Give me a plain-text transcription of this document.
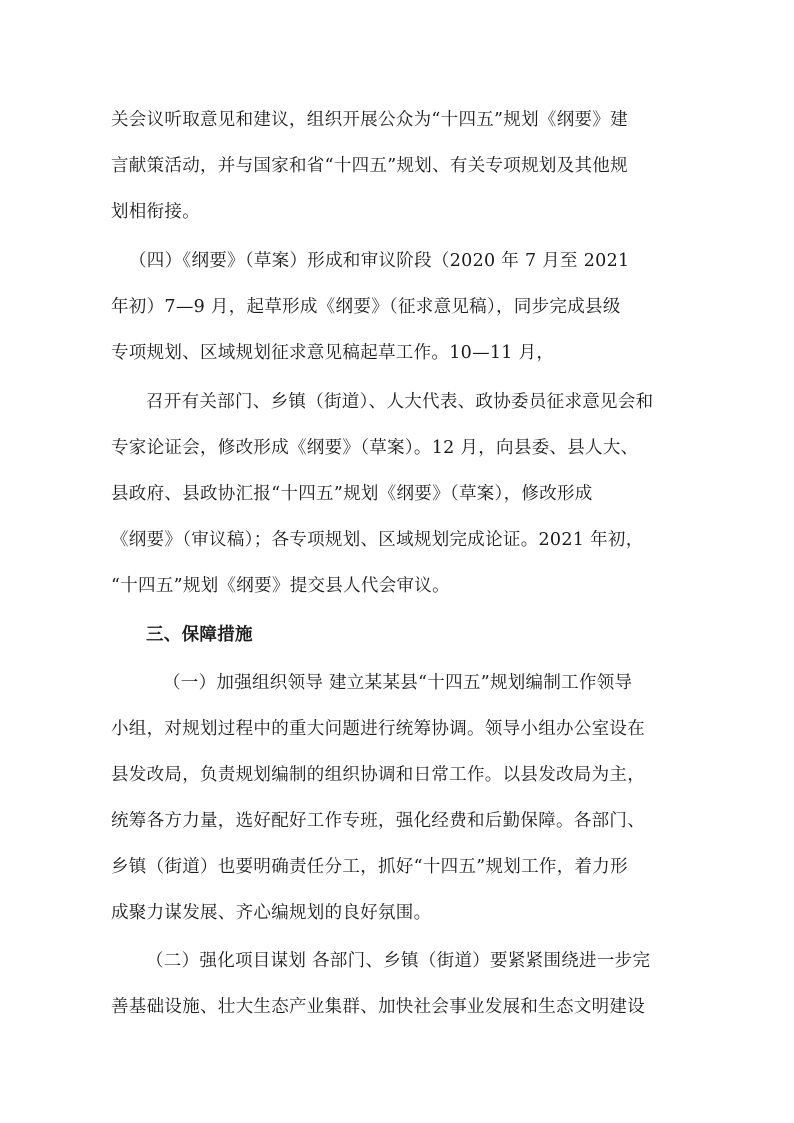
关会议听取意见和建议，组织开展公众为“十四五”规划《纲要》建
言献策活动，并与国家和省“十四五”规划、有关专项规划及其他规
划相衔接。
（四）《纲要》（草案）形成和审议阶段（2020 年 7 月至 2021
年初）7—9 月，起草形成《纲要》（征求意见稿），同步完成县级
专项规划、区域规划征求意见稿起草工作。10—11 月，
召开有关部门、乡镇（街道）、人大代表、政协委员征求意见会和
专家论证会，修改形成《纲要》（草案）。12 月，向县委、县人大、
县政府、县政协汇报“十四五”规划《纲要》（草案），修改形成
《纲要》（审议稿）；各专项规划、区域规划完成论证。2021 年初，
“十四五”规划《纲要》提交县人代会审议。
三、保障措施
（一）加强组织领导 建立某某县“十四五”规划编制工作领导
小组，对规划过程中的重大问题进行统筹协调。领导小组办公室设在
县发改局，负责规划编制的组织协调和日常工作。以县发改局为主，
统筹各方力量，选好配好工作专班，强化经费和后勤保障。各部门、
乡镇（街道）也要明确责任分工，抓好“十四五”规划工作，着力形
成聚力谋发展、齐心编规划的良好氛围。
（二）强化项目谋划 各部门、乡镇（街道）要紧紧围绕进一步完
善基础设施、壮大生态产业集群、加快社会事业发展和生态文明建设
